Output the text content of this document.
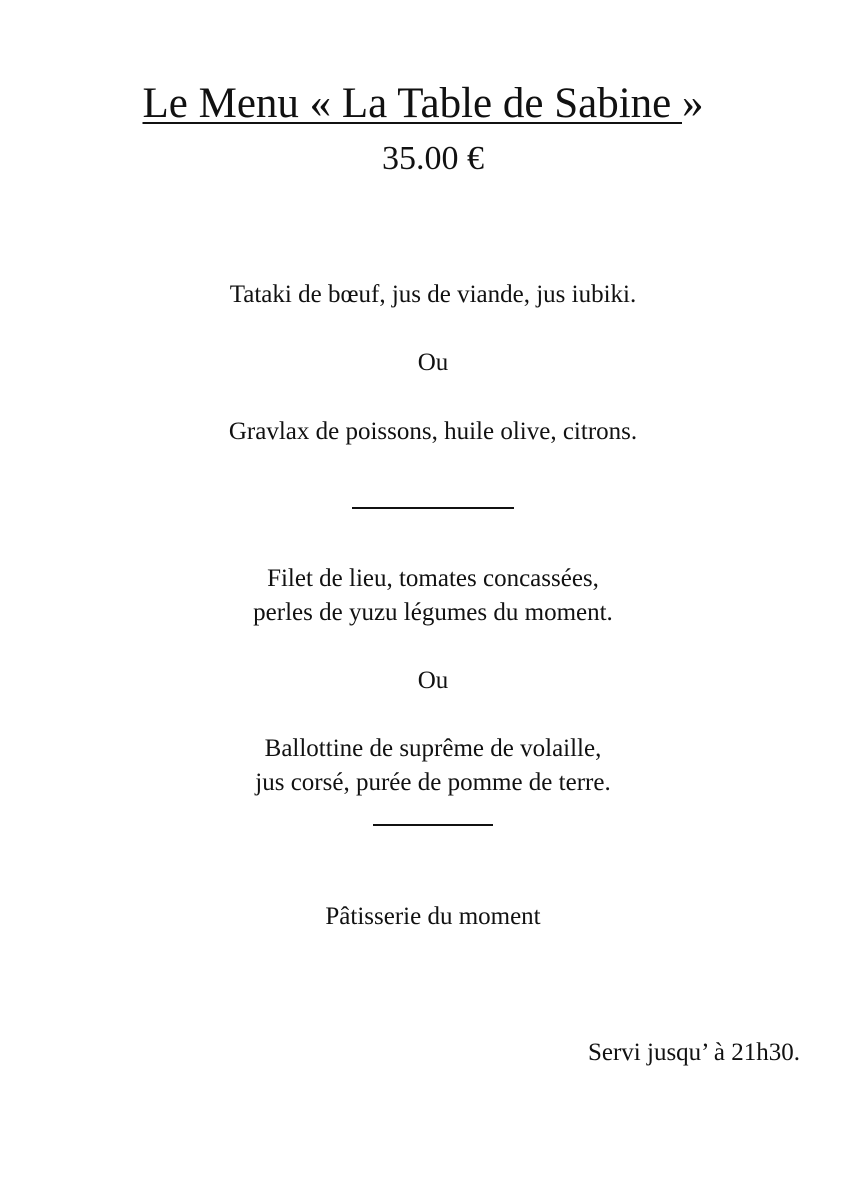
Le Menu « La Table de Sabine »
35.00 €
Tataki de bœuf, jus de viande, jus iubiki.
Ou
Gravlax de poissons, huile olive, citrons.
Filet de lieu, tomates concassées,
perles de yuzu légumes du moment.
Ou
Ballottine de suprême de volaille,
jus corsé, purée de pomme de terre.
Pâtisserie du moment
Servi jusqu’ à 21h30.
